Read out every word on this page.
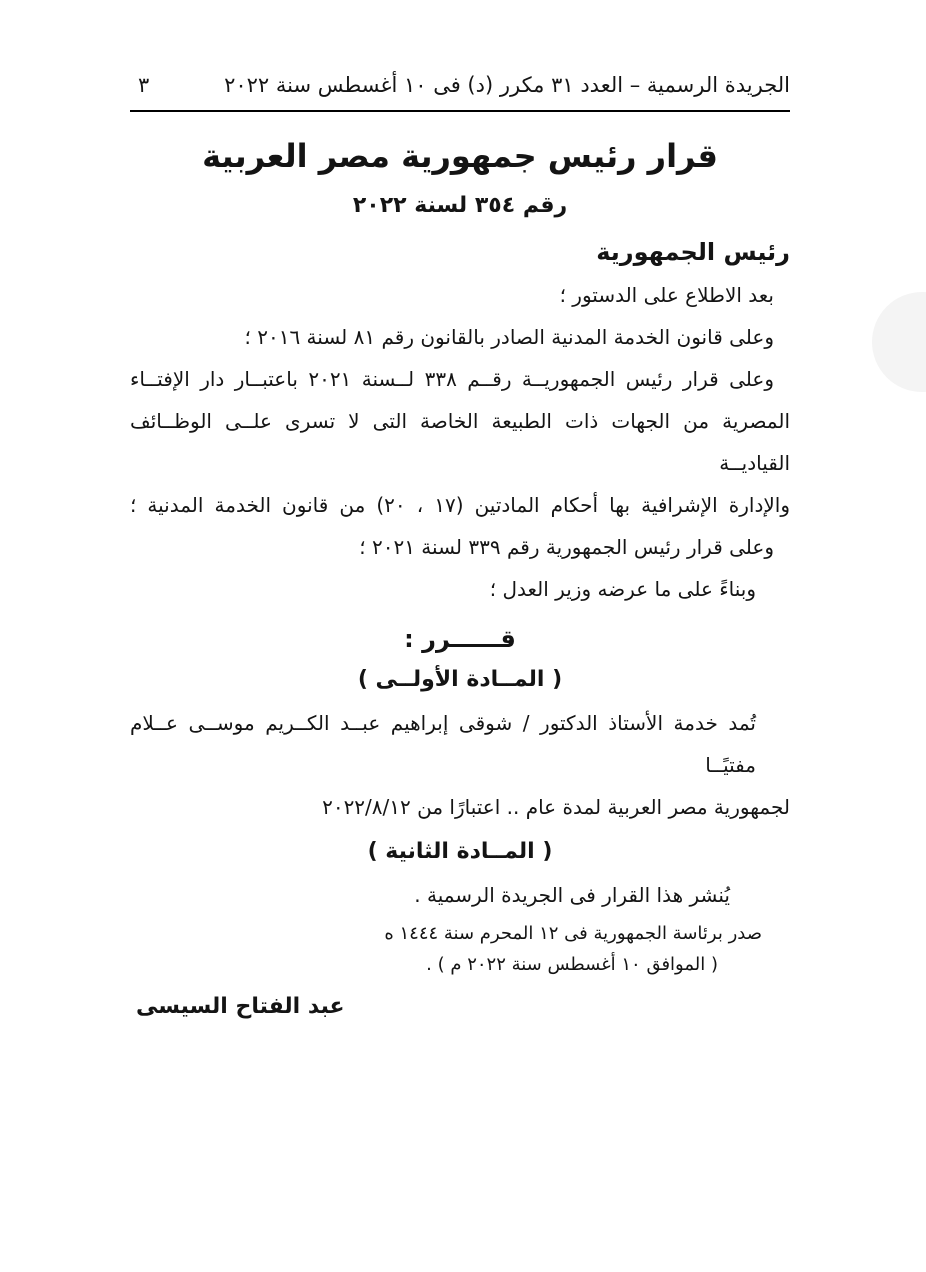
الجريدة الرسمية – العدد ٣١ مكرر (د) فى ١٠ أغسطس سنة ٢٠٢٢
٣
قرار رئيس جمهورية مصر العربية
رقم ٣٥٤ لسنة ٢٠٢٢
رئيس الجمهورية
بعد الاطلاع على الدستور ؛
وعلى قانون الخدمة المدنية الصادر بالقانون رقم ٨١ لسنة ٢٠١٦ ؛
وعلى قرار رئيس الجمهوريــة رقــم ٣٣٨ لــسنة ٢٠٢١ باعتبــار دار الإفتــاء
المصرية من الجهات ذات الطبيعة الخاصة التى لا تسرى علــى الوظــائف القياديــة
والإدارة الإشرافية بها أحكام المادتين (١٧ ، ٢٠) من قانون الخدمة المدنية ؛
وعلى قرار رئيس الجمهورية رقم ٣٣٩ لسنة ٢٠٢١ ؛
وبناءً على ما عرضه وزير العدل ؛
قــــــرر :
( المــادة الأولــى )
تُمد خدمة الأستاذ الدكتور / شوقى إبراهيم عبــد الكــريم موســى عــلام مفتيًــا
لجمهورية مصر العربية لمدة عام .. اعتبارًا من ٢٠٢٢/٨/١٢
( المــادة الثانية )
يُنشر هذا القرار فى الجريدة الرسمية .
صدر برئاسة الجمهورية فى ١٢ المحرم سنة ١٤٤٤ ه
( الموافق ١٠ أغسطس سنة ٢٠٢٢ م ) .
عبد الفتاح السيسى
